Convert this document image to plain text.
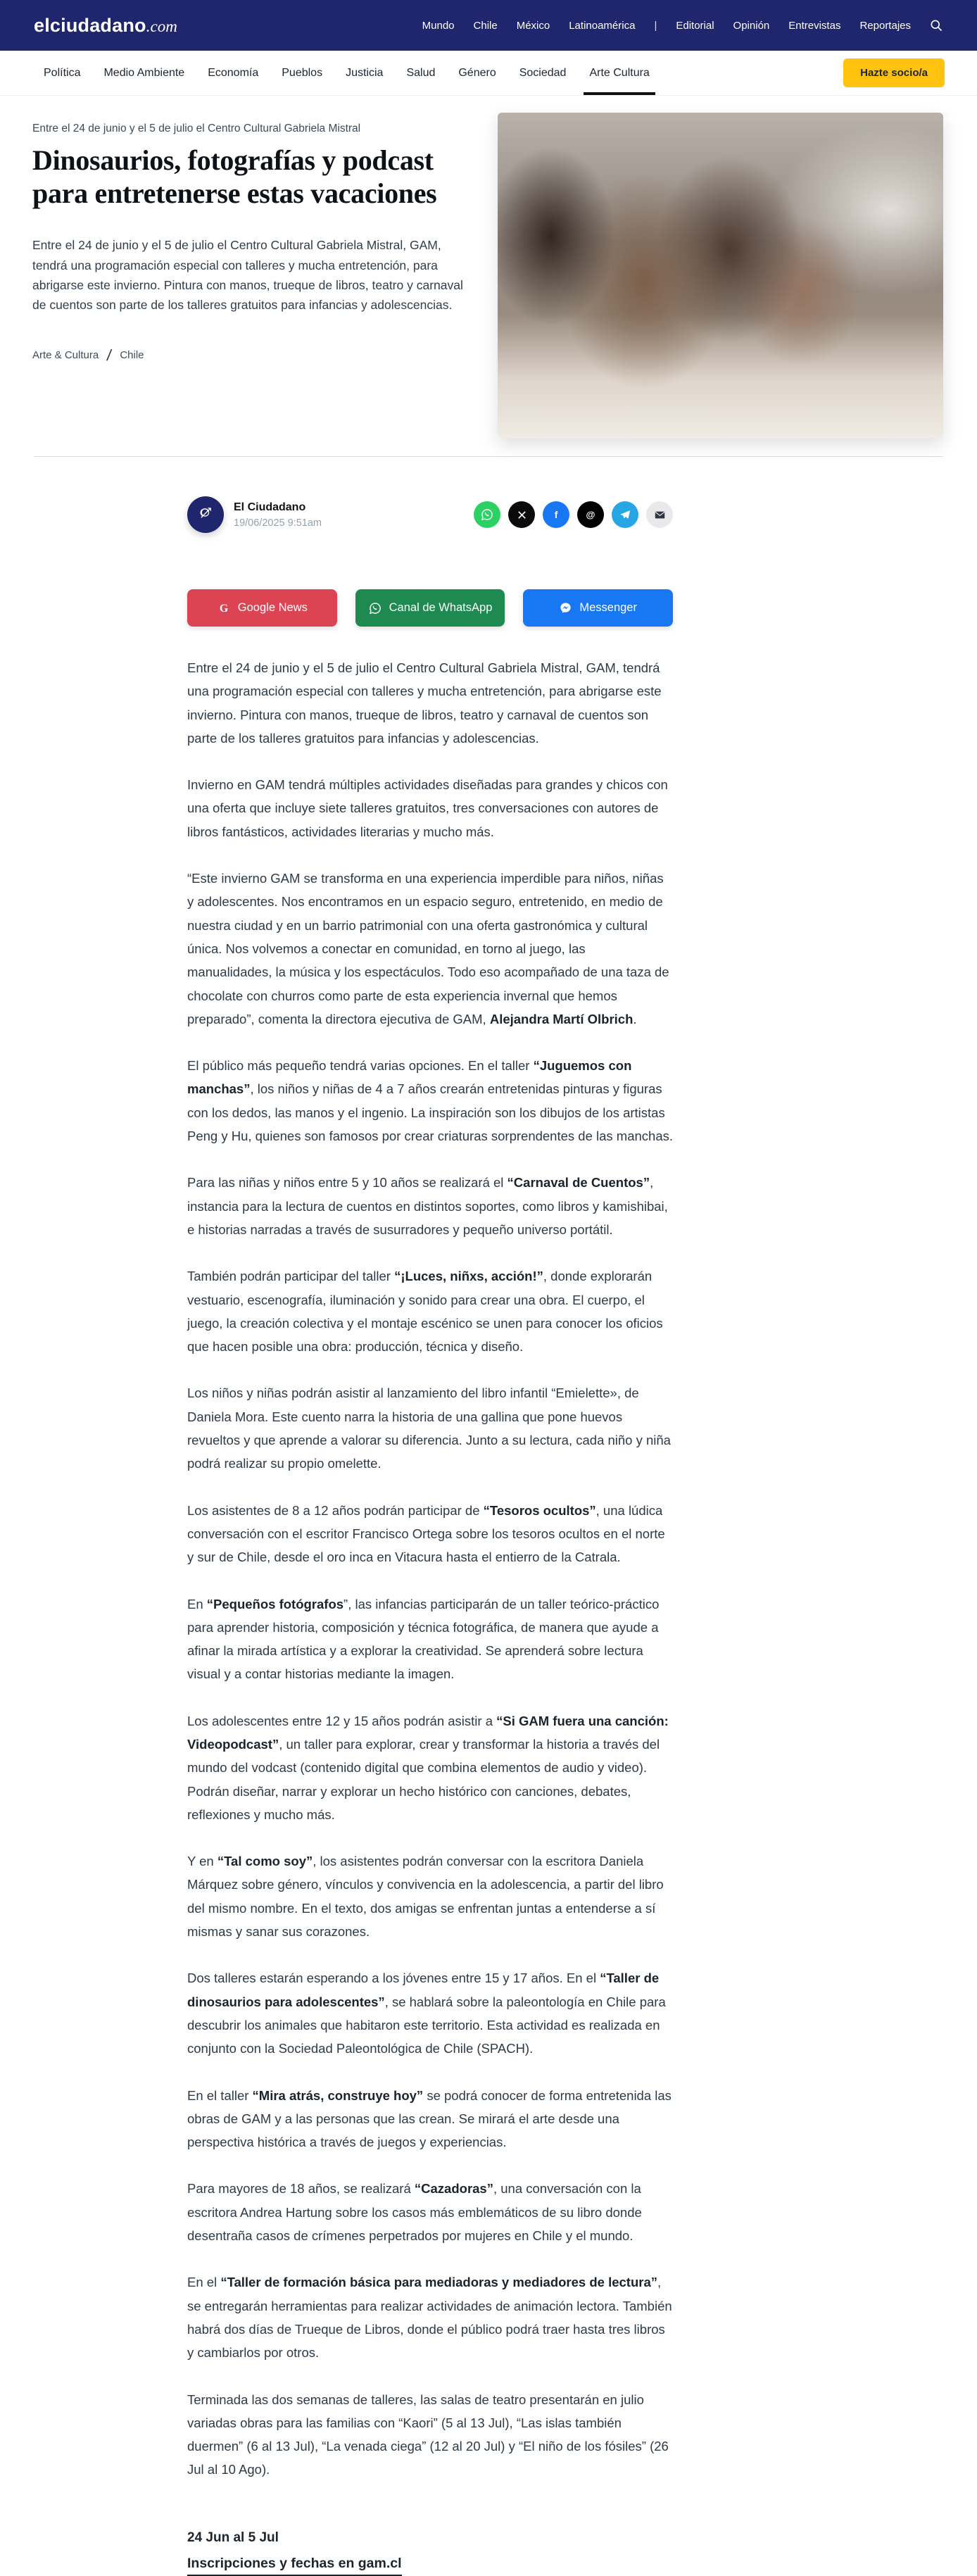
elciudadano .com	Mundo Chile México Latinoamérica | Editorial Opinión Entrevistas Reportajes
Política Medio Ambiente Economía Pueblos Justicia Salud Género Sociedad Arte Cultura	Hazte socio/a
Entre el 24 de junio y el 5 de julio el Centro Cultural Gabriela Mistral
Dinosaurios, fotografías y podcast para entretenerse estas vacaciones

Entre el 24 de junio y el 5 de julio el Centro Cultural Gabriela Mistral, GAM, tendrá una programación especial con talleres y mucha entretención, para abrigarse este invierno. Pintura con manos, trueque de libros, teatro y carnaval de cuentos son parte de los talleres gratuitos para infancias y adolescencias.

Arte & Cultura / Chile
El Ciudadano
19/06/2025 9:51am
f	@
G Google News	Canal de WhatsApp	Messenger

Entre el 24 de junio y el 5 de julio el Centro Cultural Gabriela Mistral, GAM, tendrá una programación especial con talleres y mucha entretención, para abrigarse este invierno. Pintura con manos, trueque de libros, teatro y carnaval de cuentos son parte de los talleres gratuitos para infancias y adolescencias.

Invierno en GAM tendrá múltiples actividades diseñadas para grandes y chicos con una oferta que incluye siete talleres gratuitos, tres conversaciones con autores de libros fantásticos, actividades literarias y mucho más.

“Este invierno GAM se transforma en una experiencia imperdible para niños, niñas y adolescentes. Nos encontramos en un espacio seguro, entretenido, en medio de nuestra ciudad y en un barrio patrimonial con una oferta gastronómica y cultural única. Nos volvemos a conectar en comunidad, en torno al juego, las manualidades, la música y los espectáculos. Todo eso acompañado de una taza de chocolate con churros como parte de esta experiencia invernal que hemos preparado”, comenta la directora ejecutiva de GAM, Alejandra Martí Olbrich.

El público más pequeño tendrá varias opciones. En el taller “Juguemos con manchas”, los niños y niñas de 4 a 7 años crearán entretenidas pinturas y figuras con los dedos, las manos y el ingenio. La inspiración son los dibujos de los artistas Peng y Hu, quienes son famosos por crear criaturas sorprendentes de las manchas.

Para las niñas y niños entre 5 y 10 años se realizará el “Carnaval de Cuentos”, instancia para la lectura de cuentos en distintos soportes, como libros y kamishibai, e historias narradas a través de susurradores y pequeño universo portátil.

También podrán participar del taller “¡Luces, niñxs, acción!”, donde explorarán vestuario, escenografía, iluminación y sonido para crear una obra. El cuerpo, el juego, la creación colectiva y el montaje escénico se unen para conocer los oficios que hacen posible una obra: producción, técnica y diseño.

Los niños y niñas podrán asistir al lanzamiento del libro infantil “Emielette», de Daniela Mora. Este cuento narra la historia de una gallina que pone huevos revueltos y que aprende a valorar su diferencia. Junto a su lectura, cada niño y niña podrá realizar su propio omelette.

Los asistentes de 8 a 12 años podrán participar de “Tesoros ocultos”, una lúdica conversación con el escritor Francisco Ortega sobre los tesoros ocultos en el norte y sur de Chile, desde el oro inca en Vitacura hasta el entierro de la Catrala.

En “Pequeños fotógrafos”, las infancias participarán de un taller teórico-práctico para aprender historia, composición y técnica fotográfica, de manera que ayude a afinar la mirada artística y a explorar la creatividad. Se aprenderá sobre lectura visual y a contar historias mediante la imagen.

Los adolescentes entre 12 y 15 años podrán asistir a “Si GAM fuera una canción: Videopodcast”, un taller para explorar, crear y transformar la historia a través del mundo del vodcast (contenido digital que combina elementos de audio y video). Podrán diseñar, narrar y explorar un hecho histórico con canciones, debates, reflexiones y mucho más.

Y en “Tal como soy”, los asistentes podrán conversar con la escritora Daniela Márquez sobre género, vínculos y convivencia en la adolescencia, a partir del libro del mismo nombre. En el texto, dos amigas se enfrentan juntas a entenderse a sí mismas y sanar sus corazones.

Dos talleres estarán esperando a los jóvenes entre 15 y 17 años. En el “Taller de dinosaurios para adolescentes”, se hablará sobre la paleontología en Chile para descubrir los animales que habitaron este territorio. Esta actividad es realizada en conjunto con la Sociedad Paleontológica de Chile (SPACH).

En el taller “Mira atrás, construye hoy” se podrá conocer de forma entretenida las obras de GAM y a las personas que las crean. Se mirará el arte desde una perspectiva histórica a través de juegos y experiencias.

Para mayores de 18 años, se realizará “Cazadoras”, una conversación con la escritora Andrea Hartung sobre los casos más emblemáticos de su libro donde desentraña casos de crímenes perpetrados por mujeres en Chile y el mundo.

En el “Taller de formación básica para mediadoras y mediadores de lectura”, se entregarán herramientas para realizar actividades de animación lectora. También habrá dos días de Trueque de Libros, donde el público podrá traer hasta tres libros y cambiarlos por otros.

Terminada las dos semanas de talleres, las salas de teatro presentarán en julio variadas obras para las familias con “Kaori” (5 al 13 Jul), “Las islas también duermen” (6 al 13 Jul), “La venada ciega” (12 al 20 Jul) y “El niño de los fósiles” (26 Jul al 10 Ago).

24 Jun al 5 Jul
Inscripciones y fechas en gam.cl
